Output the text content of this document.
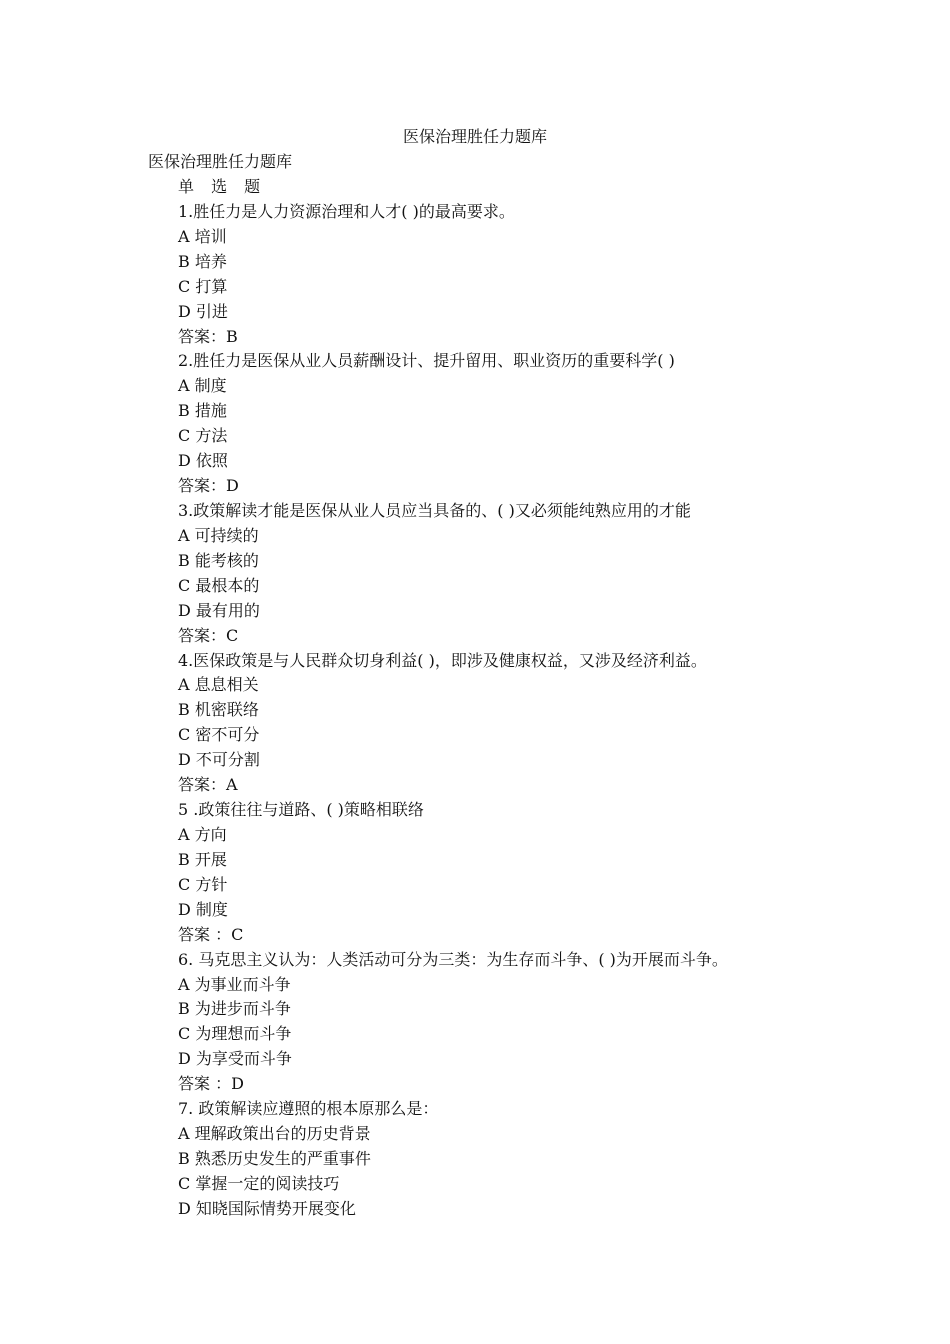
医保治理胜任力题库

医保治理胜任力题库

单 选 题

1.胜任力是人力资源治理和人才( )的最高要求。

A 培训

B 培养

C 打算

D 引进

答案：B

2.胜任力是医保从业人员薪酬设计、提升留用、职业资历的重要科学( )

A 制度

B 措施

C 方法

D 依照

答案：D

3.政策解读才能是医保从业人员应当具备的、( )又必须能纯熟应用的才能

A 可持续的

B 能考核的

C 最根本的

D 最有用的

答案：C

4.医保政策是与人民群众切身利益( )，即涉及健康权益，又涉及经济利益。

A 息息相关

B 机密联络

C 密不可分

D 不可分割

答案：A

5 .政策往往与道路、( )策略相联络

A 方向

B 开展

C 方针

D 制度

答案 ：C

6. 马克思主义认为：人类活动可分为三类：为生存而斗争、( )为开展而斗争。

A 为事业而斗争

B 为进步而斗争

C 为理想而斗争

D 为享受而斗争

答案 ：D

7. 政策解读应遵照的根本原那么是：

A 理解政策出台的历史背景

B 熟悉历史发生的严重事件

C 掌握一定的阅读技巧

D 知晓国际情势开展变化
